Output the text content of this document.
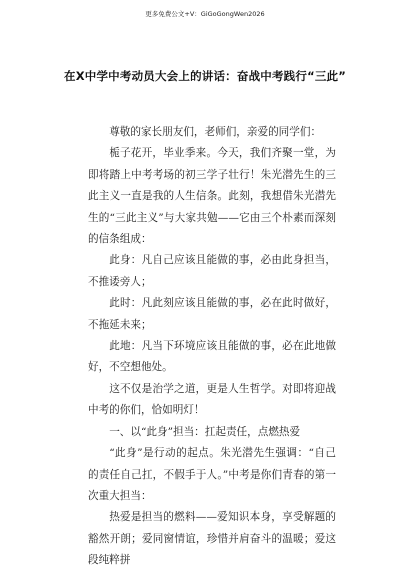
更多免费公文+V：GiGoGongWen2026
在X中学中考动员大会上的讲话：奋战中考践行“三此”

尊敬的家长朋友们，老师们，亲爱的同学们：

栀子花开，毕业季来。今天，我们齐聚一堂，为即将踏上中考考场的初三学子壮行！朱光潜先生的三此主义一直是我的人生信条。此刻，我想借朱光潜先生的“三此主义”与大家共勉——它由三个朴素而深刻的信条组成：

此身：凡自己应该且能做的事，必由此身担当，不推诿旁人；

此时：凡此刻应该且能做的事，必在此时做好，不拖延未来；

此地：凡当下环境应该且能做的事，必在此地做好，不空想他处。

这不仅是治学之道，更是人生哲学。对即将迎战中考的你们，恰如明灯！

一、以“此身”担当：扛起责任，点燃热爱

“此身”是行动的起点。朱光潜先生强调：“自己的责任自己扛，不假手于人。”中考是你们青春的第一次重大担当：

热爱是担当的燃料——爱知识本身，享受解题的豁然开朗；爱同窗情谊，珍惜并肩奋斗的温暖；爱这段纯粹拼
